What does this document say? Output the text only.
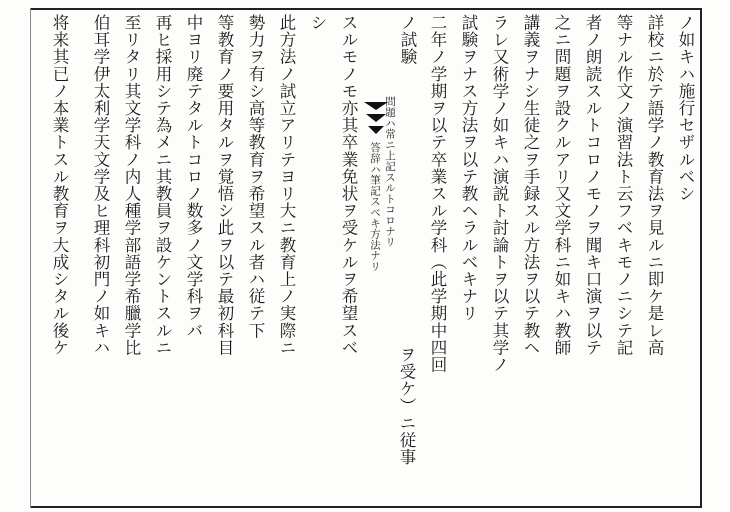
ノ如キハ施行セザルベシ
詳校ニ於テ語学ノ教育法ヲ見ルニ即ケ是レ高
等ナル作文ノ演習法ト云フベキモノニシテ記
者ノ朗読スルトコロノモノヲ聞キ口演ヲ以テ
之ニ問題ヲ設クルアリ又文学科ニ如キハ教師
講義ヲナシ生徒之ヲ手録スル方法ヲ以テ教ヘ
ラレ又術学ノ如キハ演説ト討論トヲ以テ其学ノ
試験ヲナス方法ヲ以テ教ヘラルベキナリ
二年ノ学期ヲ以テ卒業スル学科（此学期中四回
ノ試験
問題ハ常ニ上記スルトコロナリ
答辞ハ筆記スベキ方法ナリ
ヲ受ケ）ニ従事
スルモノモ亦其卒業免状ヲ受ケルヲ希望スベ
シ
此方法ノ試立アリテヨリ大ニ教育上ノ実際ニ
勢力ヲ有シ高等教育ヲ希望スル者ハ従テ下
等教育ノ要用タルヲ覚悟シ此ヲ以テ最初科目
中ヨリ廃テタルトコロノ数多ノ文学科ヲバ
再ヒ採用シテ為メニ其教員ヲ設ケントスルニ
至リタリ其文学科ノ内人種学部語学希臘学比
伯耳学伊太利学天文学及ヒ理科初門ノ如キハ
将来其已ノ本業トスル教育ヲ大成シタル後ケ
